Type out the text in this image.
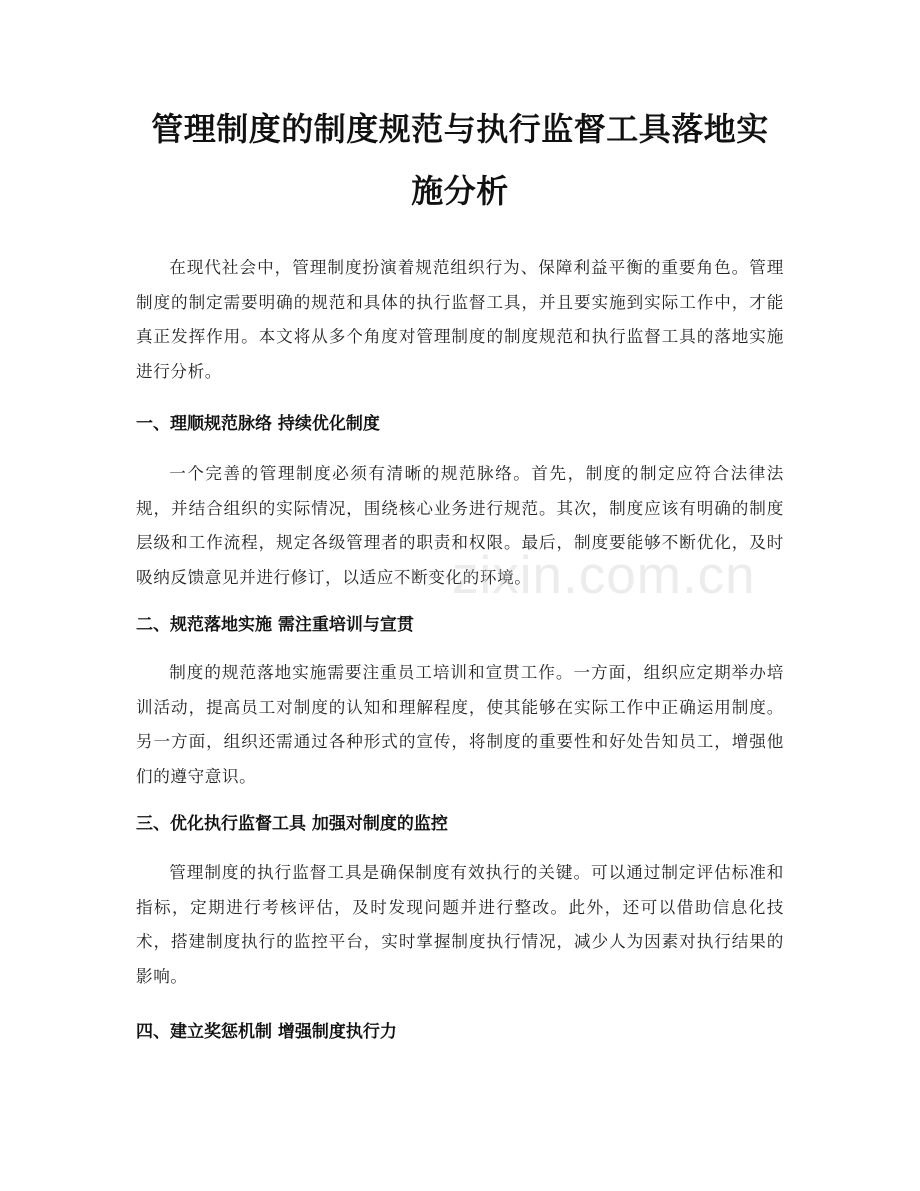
管理制度的制度规范与执行监督工具落地实施分析

在现代社会中，管理制度扮演着规范组织行为、保障利益平衡的重要角色。管理制度的制定需要明确的规范和具体的执行监督工具，并且要实施到实际工作中，才能真正发挥作用。本文将从多个角度对管理制度的制度规范和执行监督工具的落地实施进行分析。

一、理顺规范脉络 持续优化制度

一个完善的管理制度必须有清晰的规范脉络。首先，制度的制定应符合法律法规，并结合组织的实际情况，围绕核心业务进行规范。其次，制度应该有明确的制度层级和工作流程，规定各级管理者的职责和权限。最后，制度要能够不断优化，及时吸纳反馈意见并进行修订，以适应不断变化的环境。

二、规范落地实施 需注重培训与宣贯

制度的规范落地实施需要注重员工培训和宣贯工作。一方面，组织应定期举办培训活动，提高员工对制度的认知和理解程度，使其能够在实际工作中正确运用制度。另一方面，组织还需通过各种形式的宣传，将制度的重要性和好处告知员工，增强他们的遵守意识。

三、优化执行监督工具 加强对制度的监控

管理制度的执行监督工具是确保制度有效执行的关键。可以通过制定评估标准和指标，定期进行考核评估，及时发现问题并进行整改。此外，还可以借助信息化技术，搭建制度执行的监控平台，实时掌握制度执行情况，减少人为因素对执行结果的影响。

四、建立奖惩机制 增强制度执行力
zixin.com.cn
